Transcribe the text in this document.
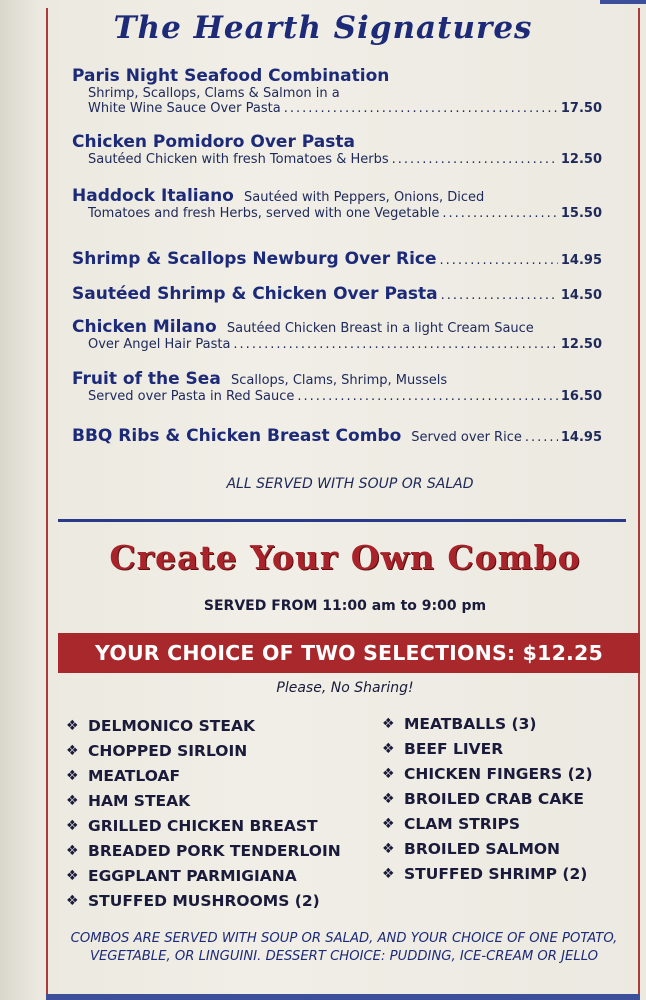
The Hearth Signatures
Paris Night Seafood Combination
Shrimp, Scallops, Clams & Salmon in a
White Wine Sauce Over Pasta .....	17.50
Chicken Pomidoro Over Pasta
Sautéed Chicken with fresh Tomatoes & Herbs .....	12.50
Haddock Italiano Sautéed with Peppers, Onions, Diced
Tomatoes and fresh Herbs, served with one Vegetable .....	15.50
Shrimp & Scallops Newburg Over Rice .....	14.95
Sautéed Shrimp & Chicken Over Pasta .....	14.50
Chicken Milano Sautéed Chicken Breast in a light Cream Sauce
Over Angel Hair Pasta .....	12.50
Fruit of the Sea Scallops, Clams, Shrimp, Mussels
Served over Pasta in Red Sauce .....	16.50
BBQ Ribs & Chicken Breast Combo Served over Rice .....	14.95
ALL SERVED WITH SOUP OR SALAD
Create Your Own Combo
SERVED FROM 11:00 am to 9:00 pm
YOUR CHOICE OF TWO SELECTIONS: $12.25
Please, No Sharing!
❖ DELMONICO STEAK
❖ CHOPPED SIRLOIN
❖ MEATLOAF
❖ HAM STEAK
❖ GRILLED CHICKEN BREAST
❖ BREADED PORK TENDERLOIN
❖ EGGPLANT PARMIGIANA
❖ STUFFED MUSHROOMS (2)
❖ MEATBALLS (3)
❖ BEEF LIVER
❖ CHICKEN FINGERS (2)
❖ BROILED CRAB CAKE
❖ CLAM STRIPS
❖ BROILED SALMON
❖ STUFFED SHRIMP (2)
COMBOS ARE SERVED WITH SOUP OR SALAD, AND YOUR CHOICE OF ONE POTATO,
VEGETABLE, OR LINGUINI. DESSERT CHOICE: PUDDING, ICE-CREAM OR JELLO
